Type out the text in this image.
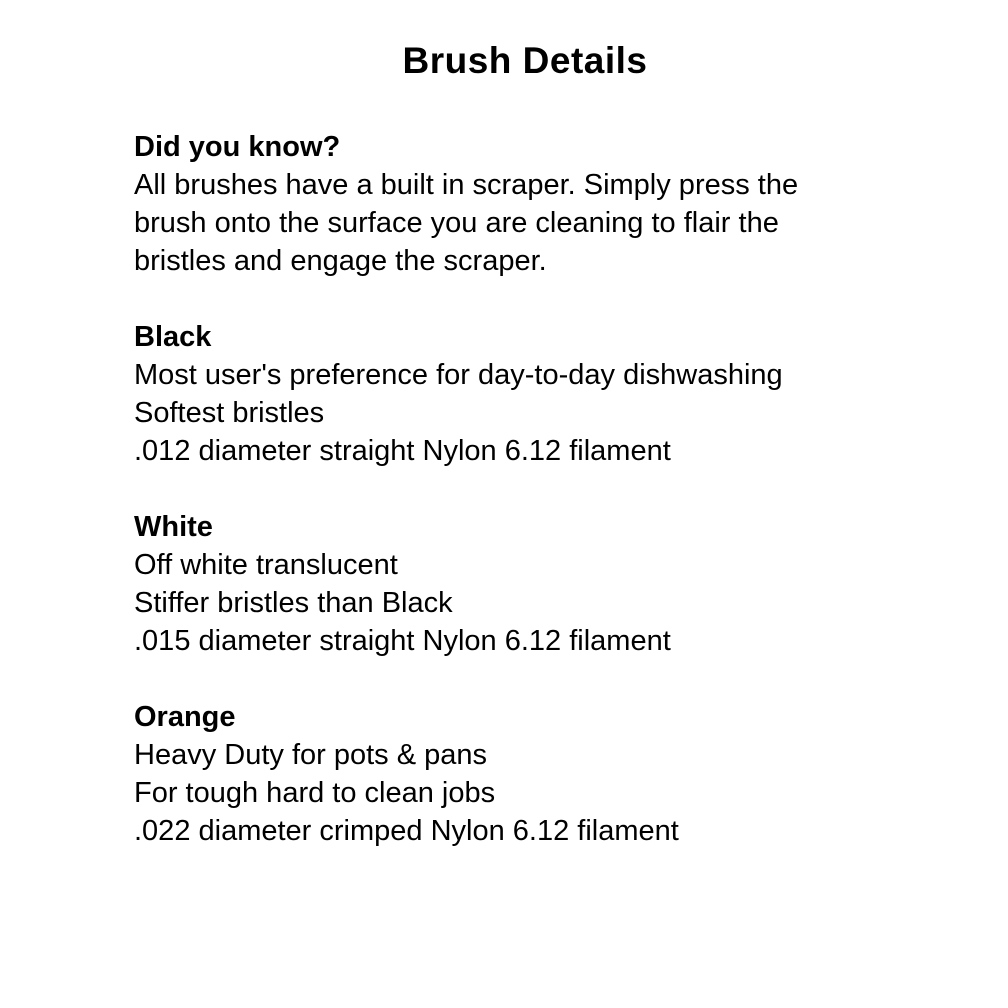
Brush Details
Did you know?
All brushes have a built in scraper. Simply press the
brush onto the surface you are cleaning to flair the
bristles and engage the scraper.
Black
Most user's preference for day-to-day dishwashing
Softest bristles
.012 diameter straight Nylon 6.12 filament
White
Off white translucent
Stiffer bristles than Black
.015 diameter straight Nylon 6.12 filament
Orange
Heavy Duty for pots & pans
For tough hard to clean jobs
.022 diameter crimped Nylon 6.12 filament
